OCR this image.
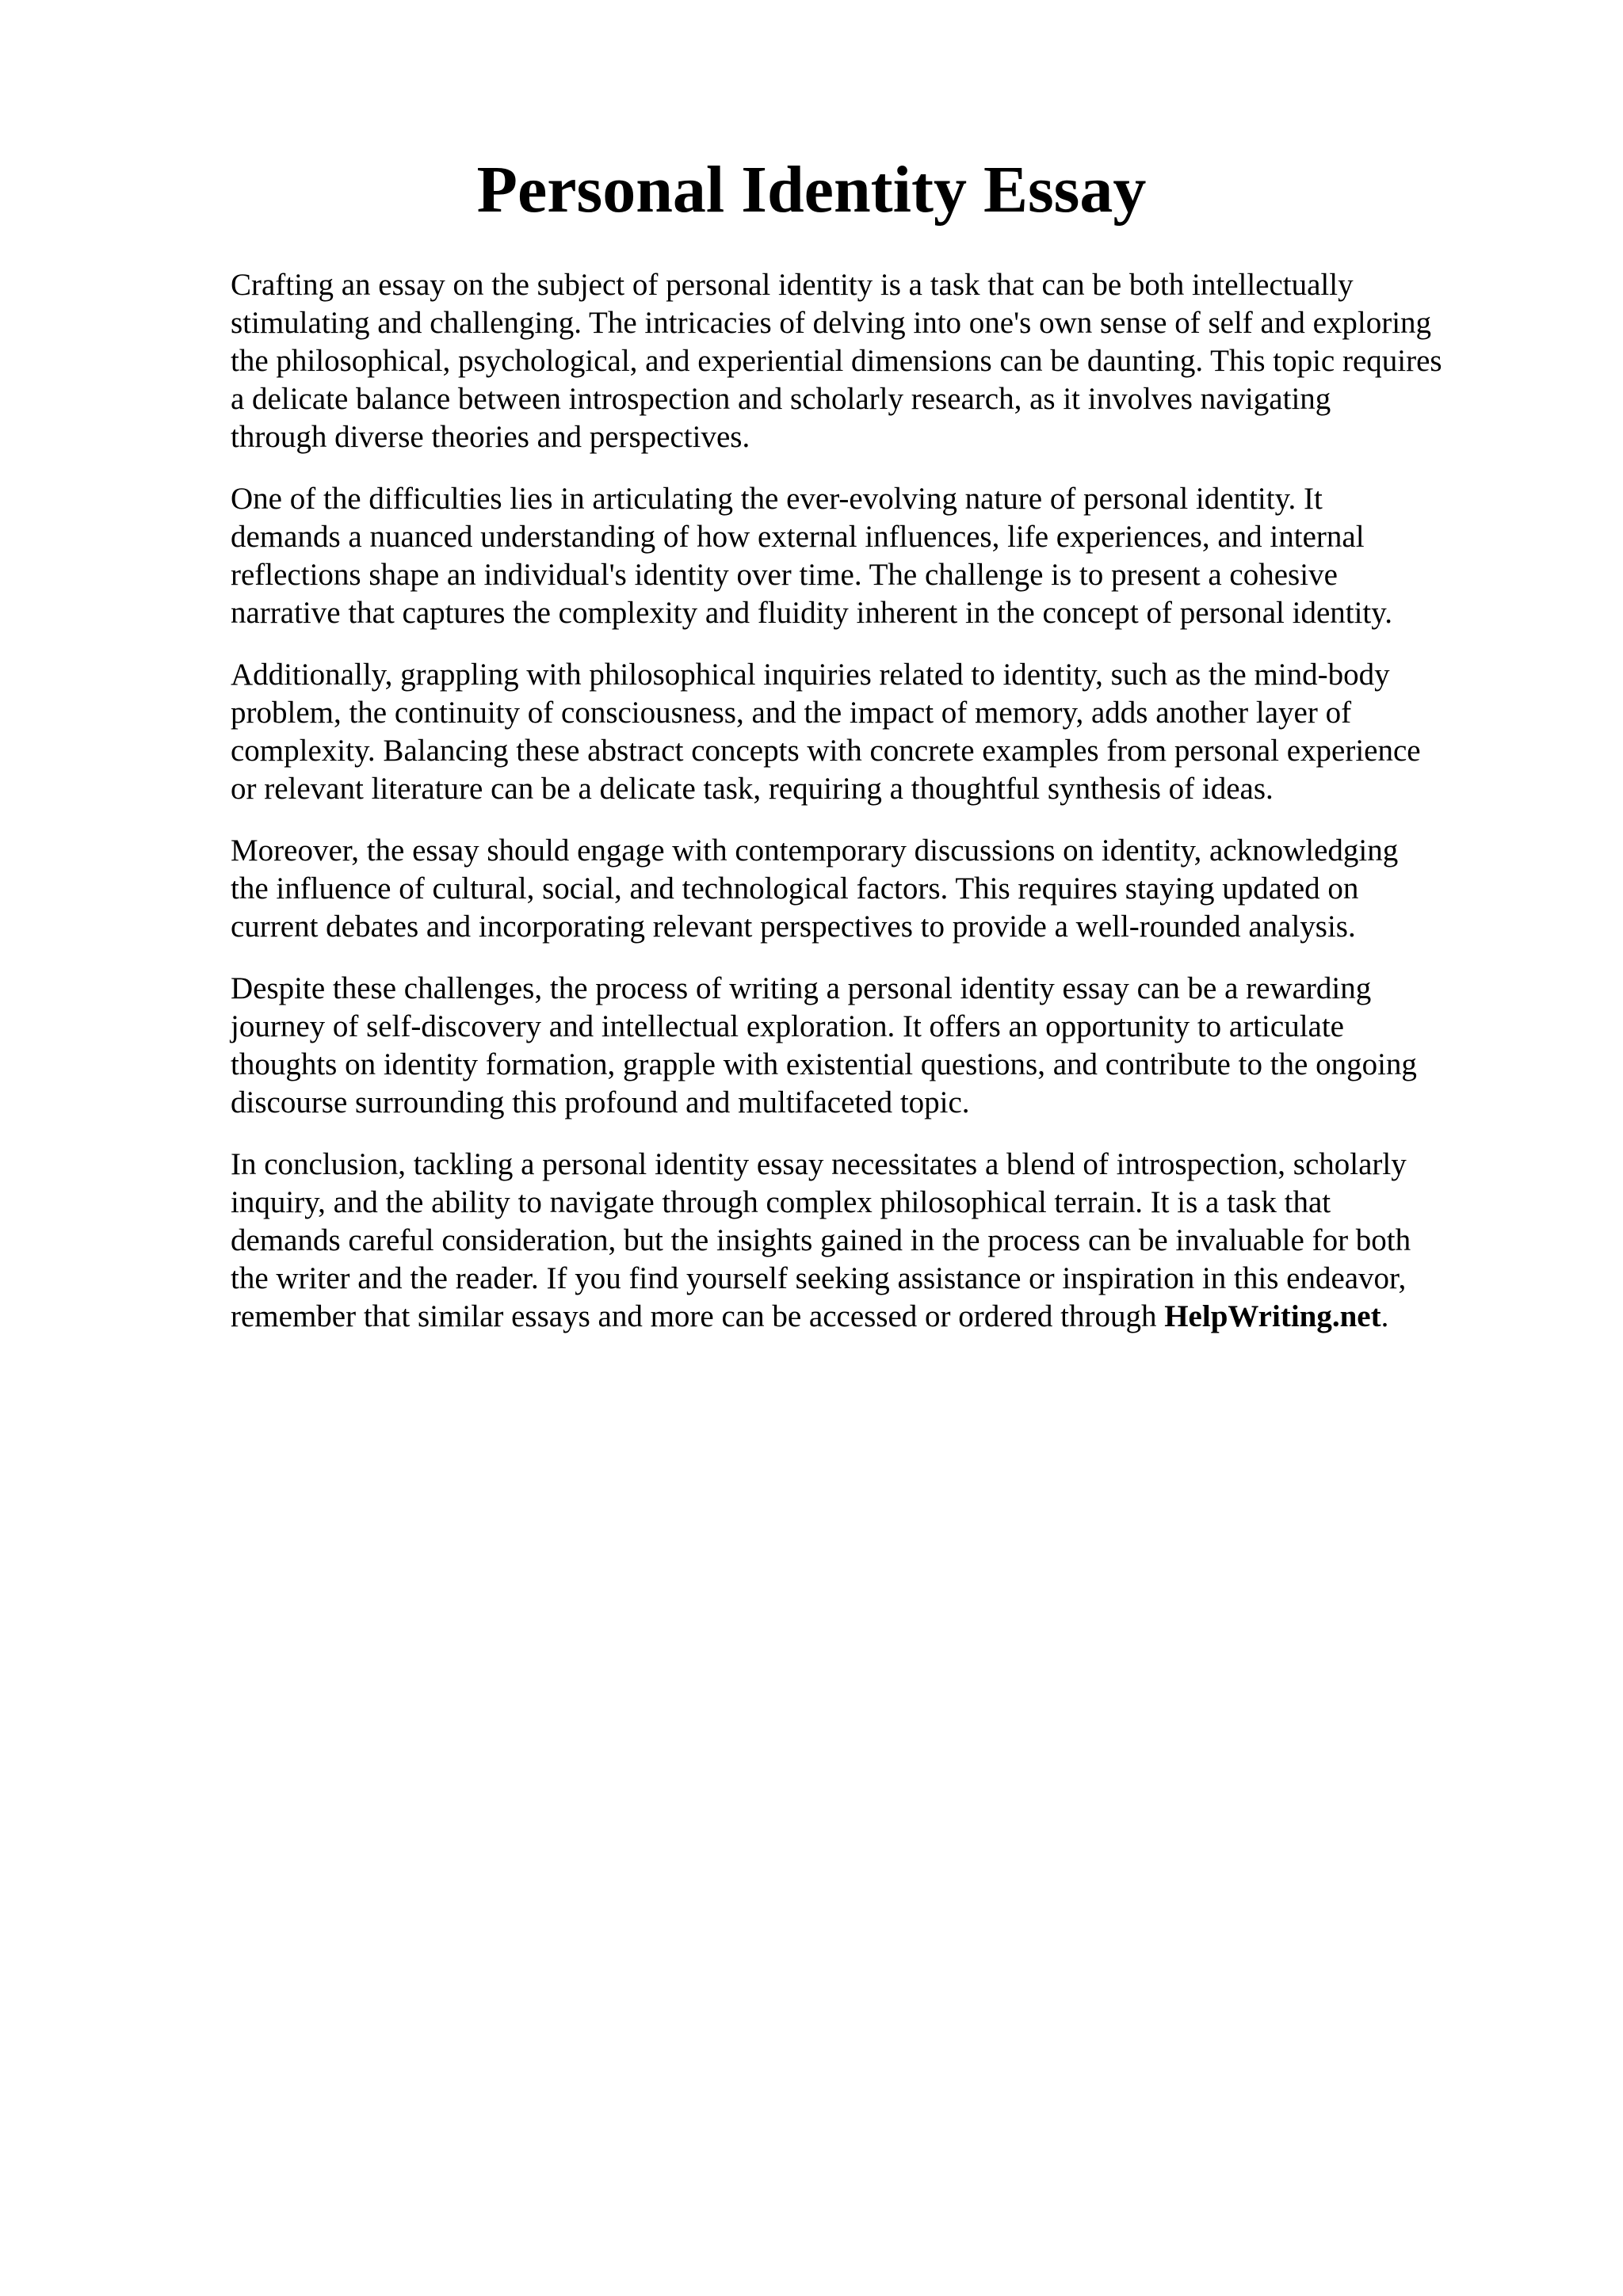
Personal Identity Essay

Crafting an essay on the subject of personal identity is a task that can be both intellectually
stimulating and challenging. The intricacies of delving into one's own sense of self and exploring
the philosophical, psychological, and experiential dimensions can be daunting. This topic requires
a delicate balance between introspection and scholarly research, as it involves navigating
through diverse theories and perspectives.

One of the difficulties lies in articulating the ever-evolving nature of personal identity. It
demands a nuanced understanding of how external influences, life experiences, and internal
reflections shape an individual's identity over time. The challenge is to present a cohesive
narrative that captures the complexity and fluidity inherent in the concept of personal identity.

Additionally, grappling with philosophical inquiries related to identity, such as the mind-body
problem, the continuity of consciousness, and the impact of memory, adds another layer of
complexity. Balancing these abstract concepts with concrete examples from personal experience
or relevant literature can be a delicate task, requiring a thoughtful synthesis of ideas.

Moreover, the essay should engage with contemporary discussions on identity, acknowledging
the influence of cultural, social, and technological factors. This requires staying updated on
current debates and incorporating relevant perspectives to provide a well-rounded analysis.

Despite these challenges, the process of writing a personal identity essay can be a rewarding
journey of self-discovery and intellectual exploration. It offers an opportunity to articulate
thoughts on identity formation, grapple with existential questions, and contribute to the ongoing
discourse surrounding this profound and multifaceted topic.

In conclusion, tackling a personal identity essay necessitates a blend of introspection, scholarly
inquiry, and the ability to navigate through complex philosophical terrain. It is a task that
demands careful consideration, but the insights gained in the process can be invaluable for both
the writer and the reader. If you find yourself seeking assistance or inspiration in this endeavor,
remember that similar essays and more can be accessed or ordered through HelpWriting.net.
